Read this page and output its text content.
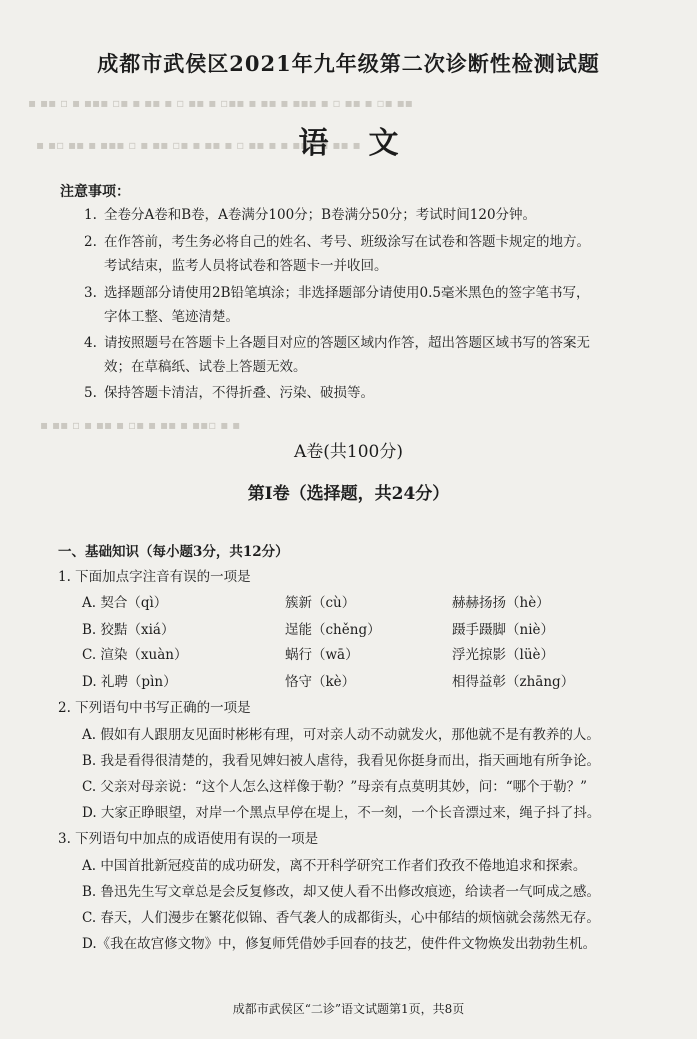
▪ ▪▪ ▫ ▪ ▪▪▪ ▫▪ ▪ ▪▪ ▪ ▫ ▪▪ ▪ ▫▪▪ ▪ ▪▪ ▪ ▪▪▪ ▪ ▫ ▪▪ ▪ ▫▪ ▪▪
▪ ▪▫ ▪▪ ▪ ▪▪▪ ▫ ▪ ▪▪ ▫▪ ▪ ▪▪ ▪ ▫ ▪▪ ▪ ▪ ▪▪▫ ▪ ▪▪ ▪
▪ ▪▪ ▫ ▪ ▪▪ ▪ ▫▪ ▪ ▪▪ ▪ ▪▪▫ ▪ ▪
成都市武侯区2021年九年级第二次诊断性检测试题
语文
注意事项：
1. 全卷分A卷和B卷，A卷满分100分；B卷满分50分；考试时间120分钟。
2. 在作答前，考生务必将自己的姓名、考号、班级涂写在试卷和答题卡规定的地方。
考试结束，监考人员将试卷和答题卡一并收回。
3. 选择题部分请使用2B铅笔填涂；非选择题部分请使用0.5毫米黑色的签字笔书写，
字体工整、笔迹清楚。
4. 请按照题号在答题卡上各题目对应的答题区域内作答，超出答题区域书写的答案无
效；在草稿纸、试卷上答题无效。
5. 保持答题卡清洁，不得折叠、污染、破损等。
A卷(共100分)
第Ⅰ卷（选择题，共24分）
一、基础知识（每小题3分，共12分）
1. 下面加点字注音有误的一项是
A. 契合（qì）	簇新（cù）	赫赫扬扬（hè）
B. 狡黠（xiá）	逞能（chěng）	蹑手蹑脚（niè）
C. 渲染（xuàn）	蜗行（wā）	浮光掠影（lüè）
D. 礼聘（pìn）	恪守（kè）	相得益彰（zhāng）
2. 下列语句中书写正确的一项是
A. 假如有人跟朋友见面时彬彬有理，可对亲人动不动就发火，那他就不是有教养的人。
B. 我是看得很清楚的，我看见婢妇被人虐待，我看见你挺身而出，指天画地有所争论。
C. 父亲对母亲说：“这个人怎么这样像于勒？”母亲有点莫明其妙，问：“哪个于勒？”
D. 大家正睁眼望，对岸一个黑点早停在堤上，不一刻，一个长音漂过来，绳子抖了抖。
3. 下列语句中加点的成语使用有误的一项是
A. 中国首批新冠疫苗的成功研发，离不开科学研究工作者们孜孜不倦地追求和探索。
B. 鲁迅先生写文章总是会反复修改，却又使人看不出修改痕迹，给读者一气呵成之感。
C. 春天，人们漫步在繁花似锦、香气袭人的成都街头，心中郁结的烦恼就会荡然无存。
D.《我在故宫修文物》中，修复师凭借妙手回春的技艺，使件件文物焕发出勃勃生机。
成都市武侯区“二诊”语文试题第1页，共8页
